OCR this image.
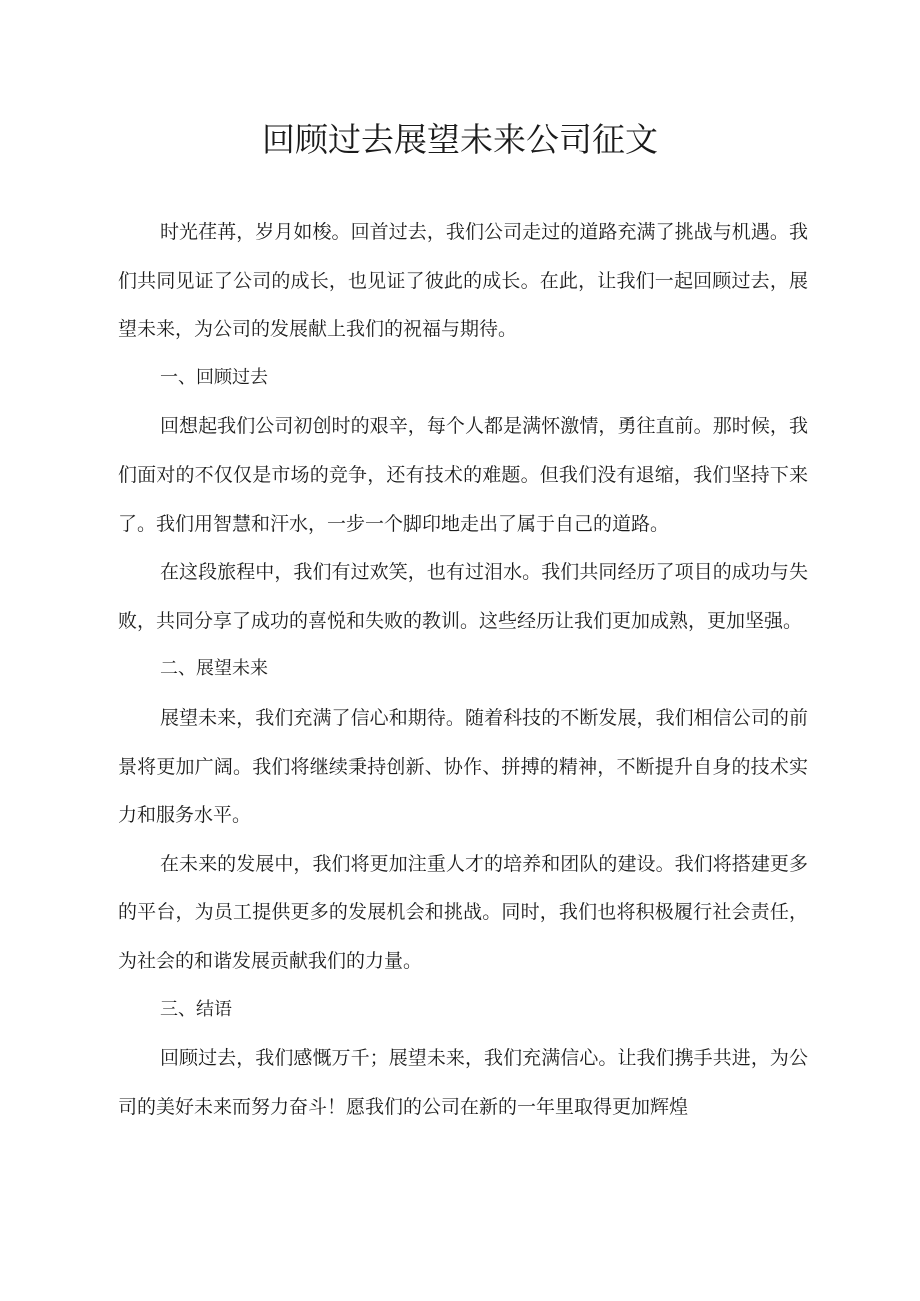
回顾过去展望未来公司征文

时光荏苒，岁月如梭。回首过去，我们公司走过的道路充满了挑战与机遇。我们共同见证了公司的成长，也见证了彼此的成长。在此，让我们一起回顾过去，展望未来，为公司的发展献上我们的祝福与期待。

一、回顾过去

回想起我们公司初创时的艰辛，每个人都是满怀激情，勇往直前。那时候，我们面对的不仅仅是市场的竞争，还有技术的难题。但我们没有退缩，我们坚持下来了。我们用智慧和汗水，一步一个脚印地走出了属于自己的道路。

在这段旅程中，我们有过欢笑，也有过泪水。我们共同经历了项目的成功与失败，共同分享了成功的喜悦和失败的教训。这些经历让我们更加成熟，更加坚强。

二、展望未来

展望未来，我们充满了信心和期待。随着科技的不断发展，我们相信公司的前景将更加广阔。我们将继续秉持创新、协作、拼搏的精神，不断提升自身的技术实力和服务水平。

在未来的发展中，我们将更加注重人才的培养和团队的建设。我们将搭建更多的平台，为员工提供更多的发展机会和挑战。同时，我们也将积极履行社会责任，为社会的和谐发展贡献我们的力量。

三、结语

回顾过去，我们感慨万千；展望未来，我们充满信心。让我们携手共进，为公司的美好未来而努力奋斗！愿我们的公司在新的一年里取得更加辉煌
